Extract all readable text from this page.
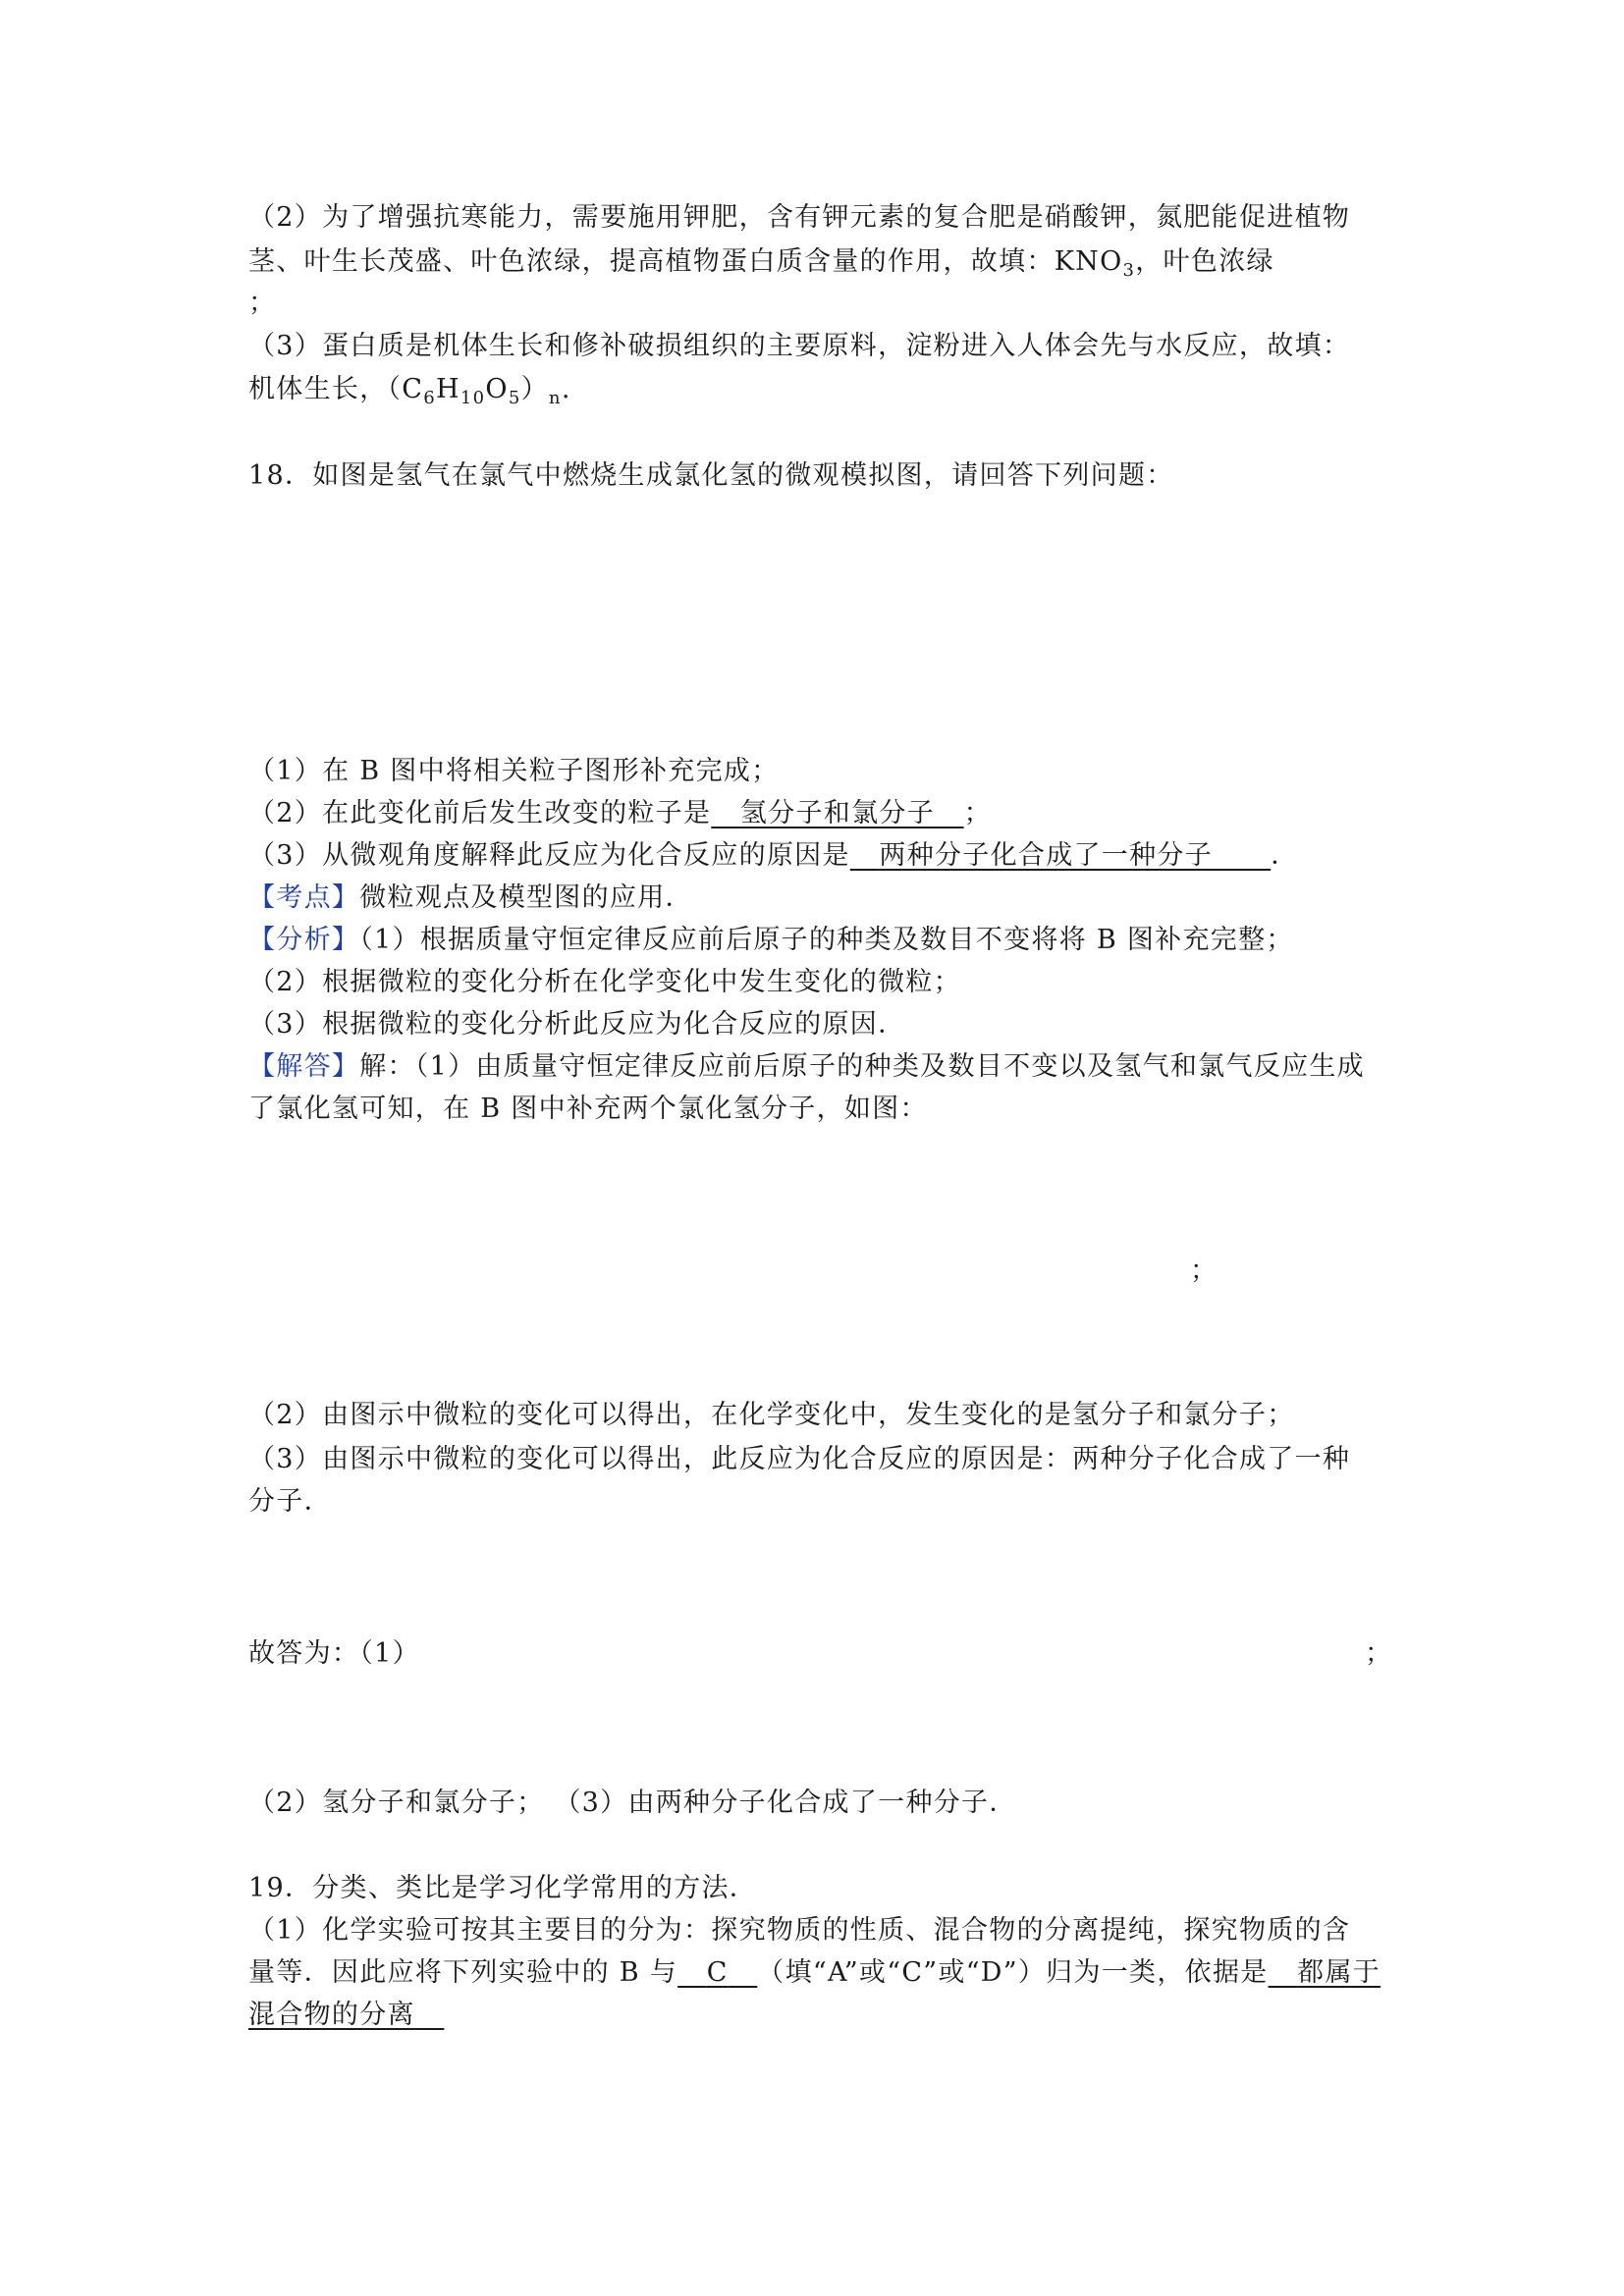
（2）为了增强抗寒能力，需要施用钾肥，含有钾元素的复合肥是硝酸钾，氮肥能促进植物
茎、叶生长茂盛、叶色浓绿，提高植物蛋白质含量的作用，故填：$KNO_3$，叶色浓绿
；
（3）蛋白质是机体生长和修补破损组织的主要原料，淀粉进入人体会先与水反应，故填：
机体生长，$(C_6H_{10}O_5)_n$.
18．如图是氢气在氯气中燃烧生成氯化氢的微观模拟图，请回答下列问题：
（1）在 B 图中将相关粒子图形补充完成；
（2）在此变化前后发生改变的粒子是   氢分子和氯分子   ；
（3）从微观角度解释此反应为化合反应的原因是   两种分子化合成了一种分子     ．
【考点】微粒观点及模型图的应用．
【分析】（1）根据质量守恒定律反应前后原子的种类及数目不变将将 B 图补充完整；
（2）根据微粒的变化分析在化学变化中发生变化的微粒；
（3）根据微粒的变化分析此反应为化合反应的原因．
【解答】解：（1）由质量守恒定律反应前后原子的种类及数目不变以及氢气和氯气反应生成
了氯化氢可知，在 B 图中补充两个氯化氢分子，如图：
；
（2）由图示中微粒的变化可以得出，在化学变化中，发生变化的是氢分子和氯分子；
（3）由图示中微粒的变化可以得出，此反应为化合反应的原因是：两种分子化合成了一种
分子．
故答为：（1）	；
（2）氢分子和氯分子； （3）由两种分子化合成了一种分子．
19．分类、类比是学习化学常用的方法．
（1）化学实验可按其主要目的分为：探究物质的性质、混合物的分离提纯，探究物质的含
量等．因此应将下列实验中的 B 与   C   （填“A”或“C”或“D”）归为一类，依据是   都属于
混合物的分离  
